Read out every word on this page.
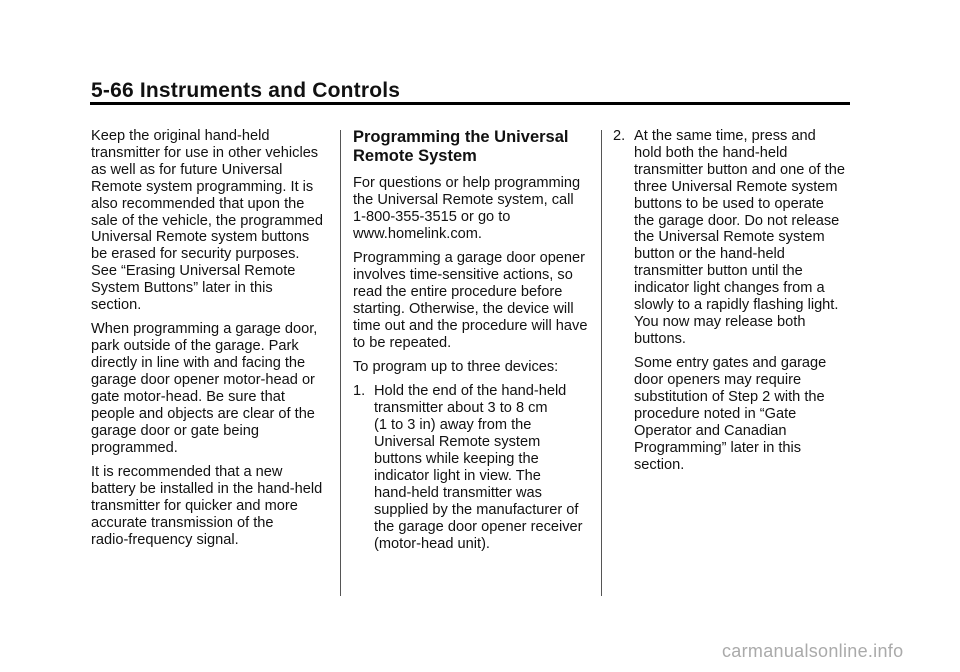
5-66 Instruments and Controls

Keep the original hand-held
transmitter for use in other vehicles
as well as for future Universal
Remote system programming. It is
also recommended that upon the
sale of the vehicle, the programmed
Universal Remote system buttons
be erased for security purposes.
See “Erasing Universal Remote
System Buttons” later in this
section.

When programming a garage door,
park outside of the garage. Park
directly in line with and facing the
garage door opener motor-head or
gate motor-head. Be sure that
people and objects are clear of the
garage door or gate being
programmed.

It is recommended that a new
battery be installed in the hand-held
transmitter for quicker and more
accurate transmission of the
radio-frequency signal.

Programming the Universal
Remote System

For questions or help programming
the Universal Remote system, call
1-800-355-3515 or go to
www.homelink.com.

Programming a garage door opener
involves time-sensitive actions, so
read the entire procedure before
starting. Otherwise, the device will
time out and the procedure will have
to be repeated.

To program up to three devices:

1. Hold the end of the hand-held
transmitter about 3 to 8 cm
(1 to 3 in) away from the
Universal Remote system
buttons while keeping the
indicator light in view. The
hand-held transmitter was
supplied by the manufacturer of
the garage door opener receiver
(motor-head unit).
2. At the same time, press and
hold both the hand-held
transmitter button and one of the
three Universal Remote system
buttons to be used to operate
the garage door. Do not release
the Universal Remote system
button or the hand-held
transmitter button until the
indicator light changes from a
slowly to a rapidly flashing light.
You now may release both
buttons.

Some entry gates and garage
door openers may require
substitution of Step 2 with the
procedure noted in “Gate
Operator and Canadian
Programming” later in this
section.

carmanualsonline.info
